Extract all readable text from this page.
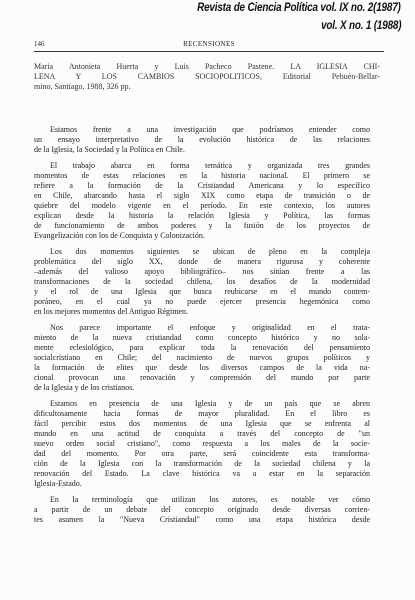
Revista de Ciencia Política vol. IX no. 2(1987)
vol. X no. 1 (1988)
146	RECENSIONES
Maria Antonieta Huerta y Luis Pacheco Pastene. LA IGLESIA CHI-
LENA Y LOS CAMBIOS SOCIOPOLITICOS, Editorial Pehuén-Bellar-
mino, Santiago, 1988, 326 pp.
Estamos frente a una investigación que podríamos entender como
un ensayo interpretativo de la evolución histórica de las relaciones
de la Iglesia, la Sociedad y la Política en Chile.
El trabajo abarca en forma temática y organizada tres grandes
momentos de estas relaciones en la historia nacional. El primero se
refiere a la formación de la Cristiandad Americana y lo específico
en Chile, abarcando hasta el siglo XIX como etapa de transición o de
quiebre del modelo vigente en el período. En este contexto, los autores
explican desde la historia la relación Iglesia y Política, las formas
de funcionamiento de ambos poderes y la fusión de los proyectos de
Evangelización con los de Conquista y Colonización.
Los dos momentos siguientes se ubican de pleno en la compleja
problemática del siglo XX, donde de manera rigurosa y coherente
–además del valioso apoyo bibliográfico– nos sitúan frente a las
transformaciones de la sociedad chilena, los desafíos de la modernidad
y el rol de una Iglesia que busca reubicarse en el mundo contem-
poráneo, en el cual ya no puede ejercer presencia hegemónica como
en los mejores momentos del Antiguo Régimen.
Nos parece importante el enfoque y originalidad en el trata-
miento de la nueva cristiandad como concepto histórico y no sola-
mente eclesiológico, para explicar toda la renovación del pensamiento
socialcristiano en Chile; del nacimiento de nuevos grupos políticos y
la formación de elites que desde los diversos campos de la vida na-
cional provocan una renovación y comprensión del mundo por parte
de la Iglesia y de los cristianos.
Estamos en presencia de una Iglesia y de un país que se abren
dificultosamente hacia formas de mayor pluralidad. En el libro es
fácil percibir estos dos momentos de una Iglesia que se enfrenta al
mundo en una actitud de conquista a través del concepto de "un
nuevo orden social cristiano", como respuesta a los males de la socie-
dad del momento. Por otra parte, será coincidente esta transforma-
ción de la Iglesia con la transformación de la sociedad chilena y la
renovación del Estado. La clave histórica va a estar en la separación
Iglesia-Estado.
En la terminología que utilizan los autores, es notable ver cómo
a partir de un debate del concepto originado desde diversas corrien-
tes asumen la "Nueva Cristiandad" como una etapa histórica desde
